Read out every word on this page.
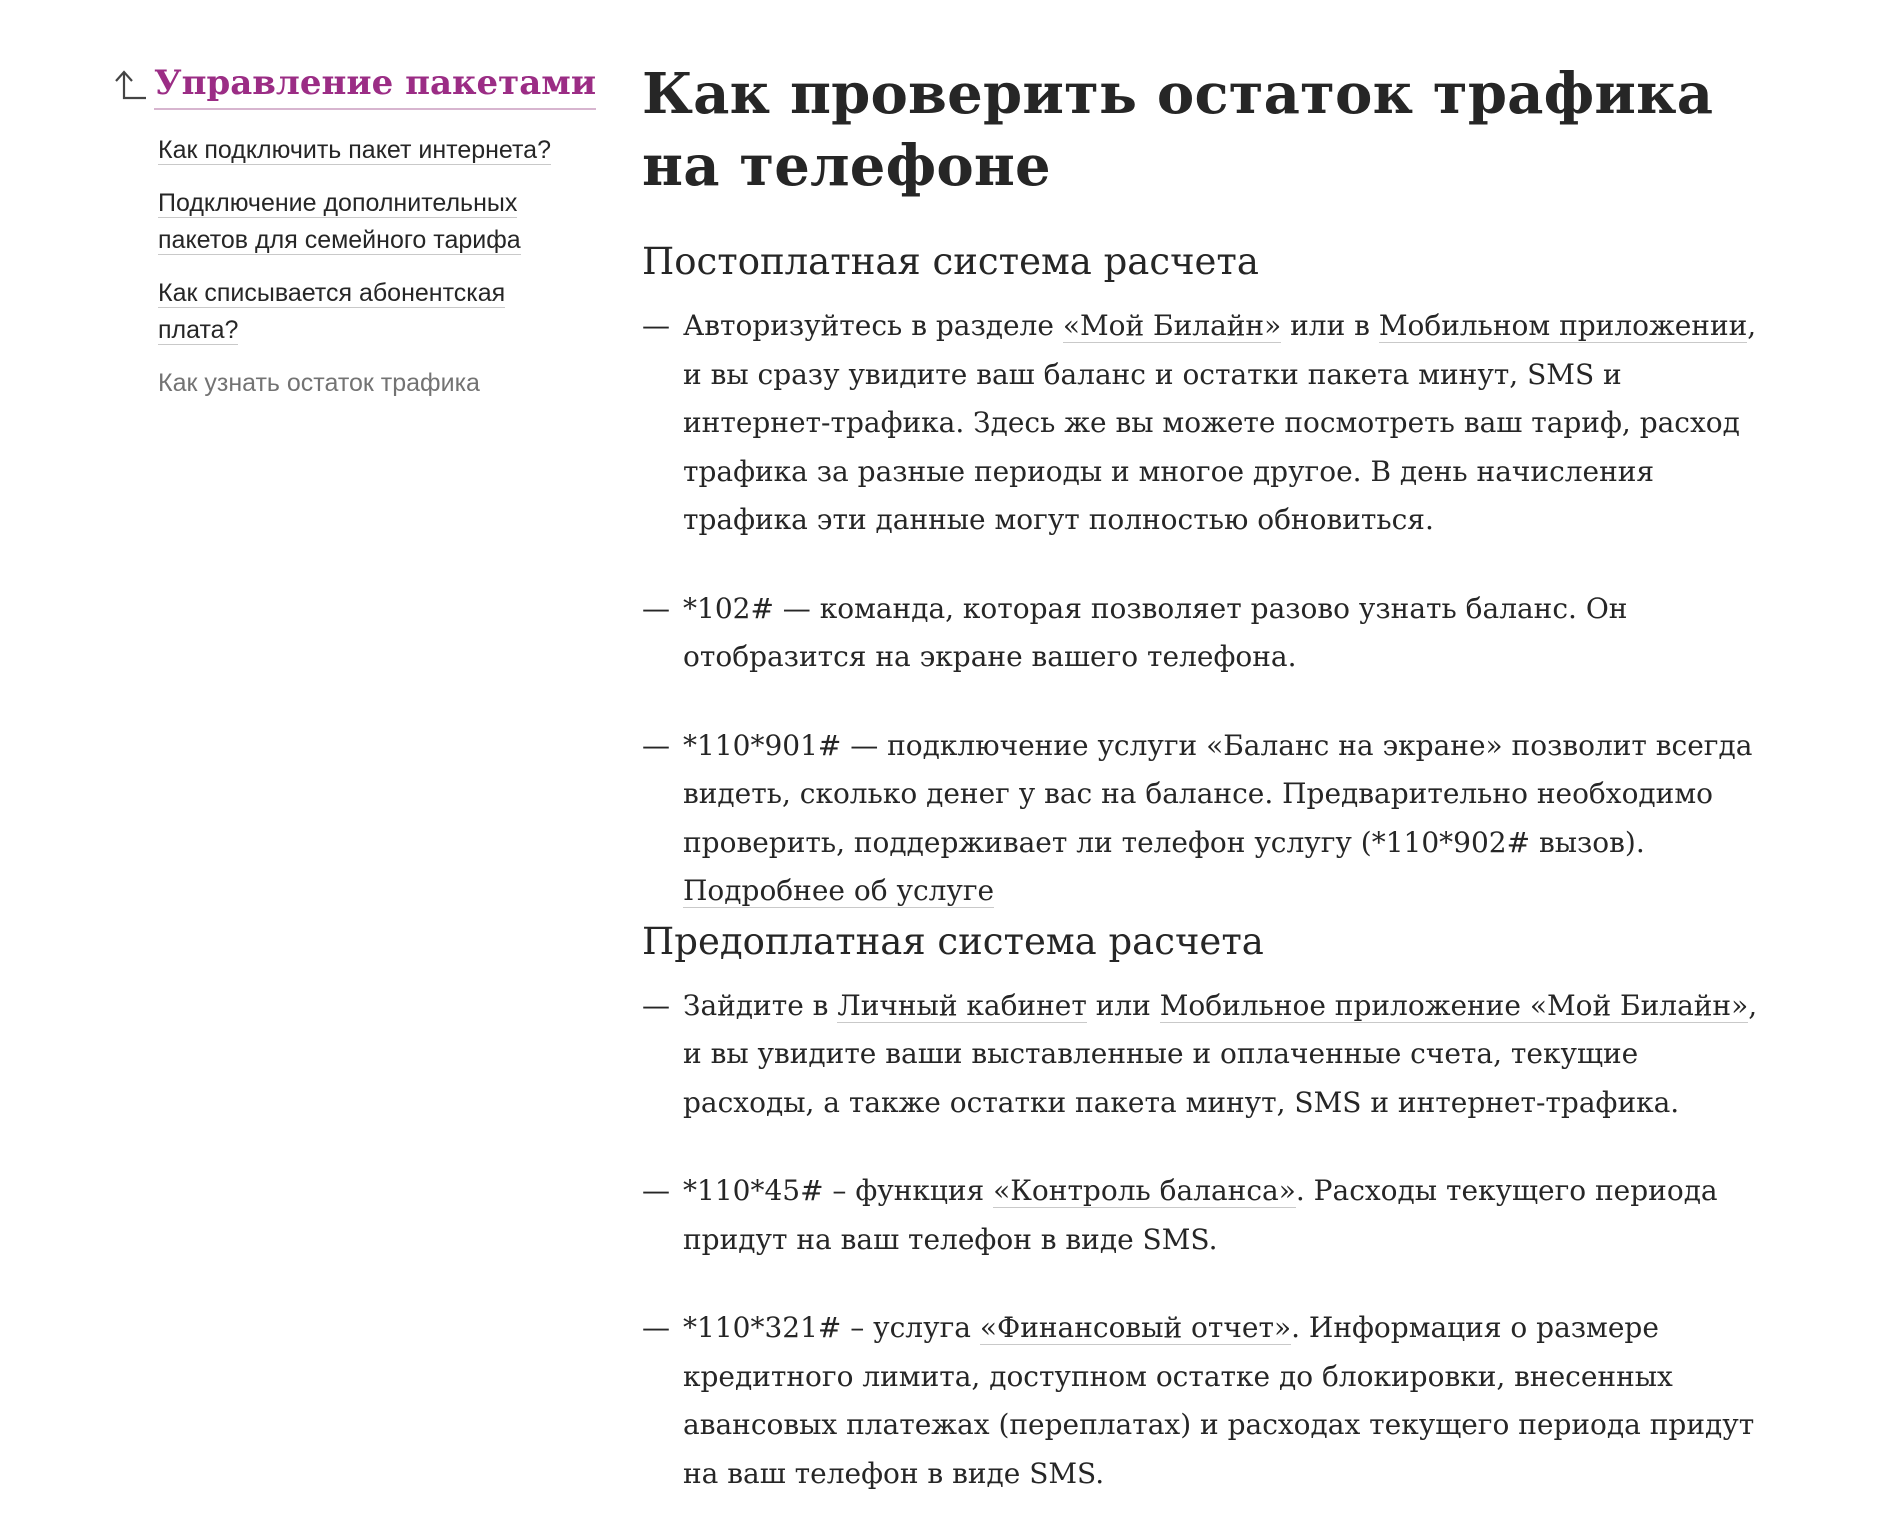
Управление пакетами
Как подключить пакет интернета?
Подключение дополнительных пакетов для семейного тарифа
Как списывается абонентская плата?
Как узнать остаток трафика
Как проверить остаток трафика на телефоне
Постоплатная система расчета

— Авторизуйтесь в разделе «Мой Билайн» или в Мобильном приложении, и вы сразу увидите ваш баланс и остатки пакета минут, SMS и интернет-трафика. Здесь же вы можете посмотреть ваш тариф, расход трафика за разные периоды и многое другое. В день начисления трафика эти данные могут полностью обновиться.

— *102# — команда, которая позволяет разово узнать баланс. Он отобразится на экране вашего телефона.

— *110*901# — подключение услуги «Баланс на экране» позволит всегда видеть, сколько денег у вас на балансе. Предварительно необходимо проверить, поддерживает ли телефон услугу (*110*902# вызов). Подробнее об услуге

Предоплатная система расчета

— Зайдите в Личный кабинет или Мобильное приложение «Мой Билайн», и вы увидите ваши выставленные и оплаченные счета, текущие расходы, а также остатки пакета минут, SMS и интернет-трафика.

— *110*45# – функция «Контроль баланса». Расходы текущего периода придут на ваш телефон в виде SMS.

— *110*321# – услуга «Финансовый отчет». Информация о размере кредитного лимита, доступном остатке до блокировки, внесенных авансовых платежах (переплатах) и расходах текущего периода придут на ваш телефон в виде SMS.
